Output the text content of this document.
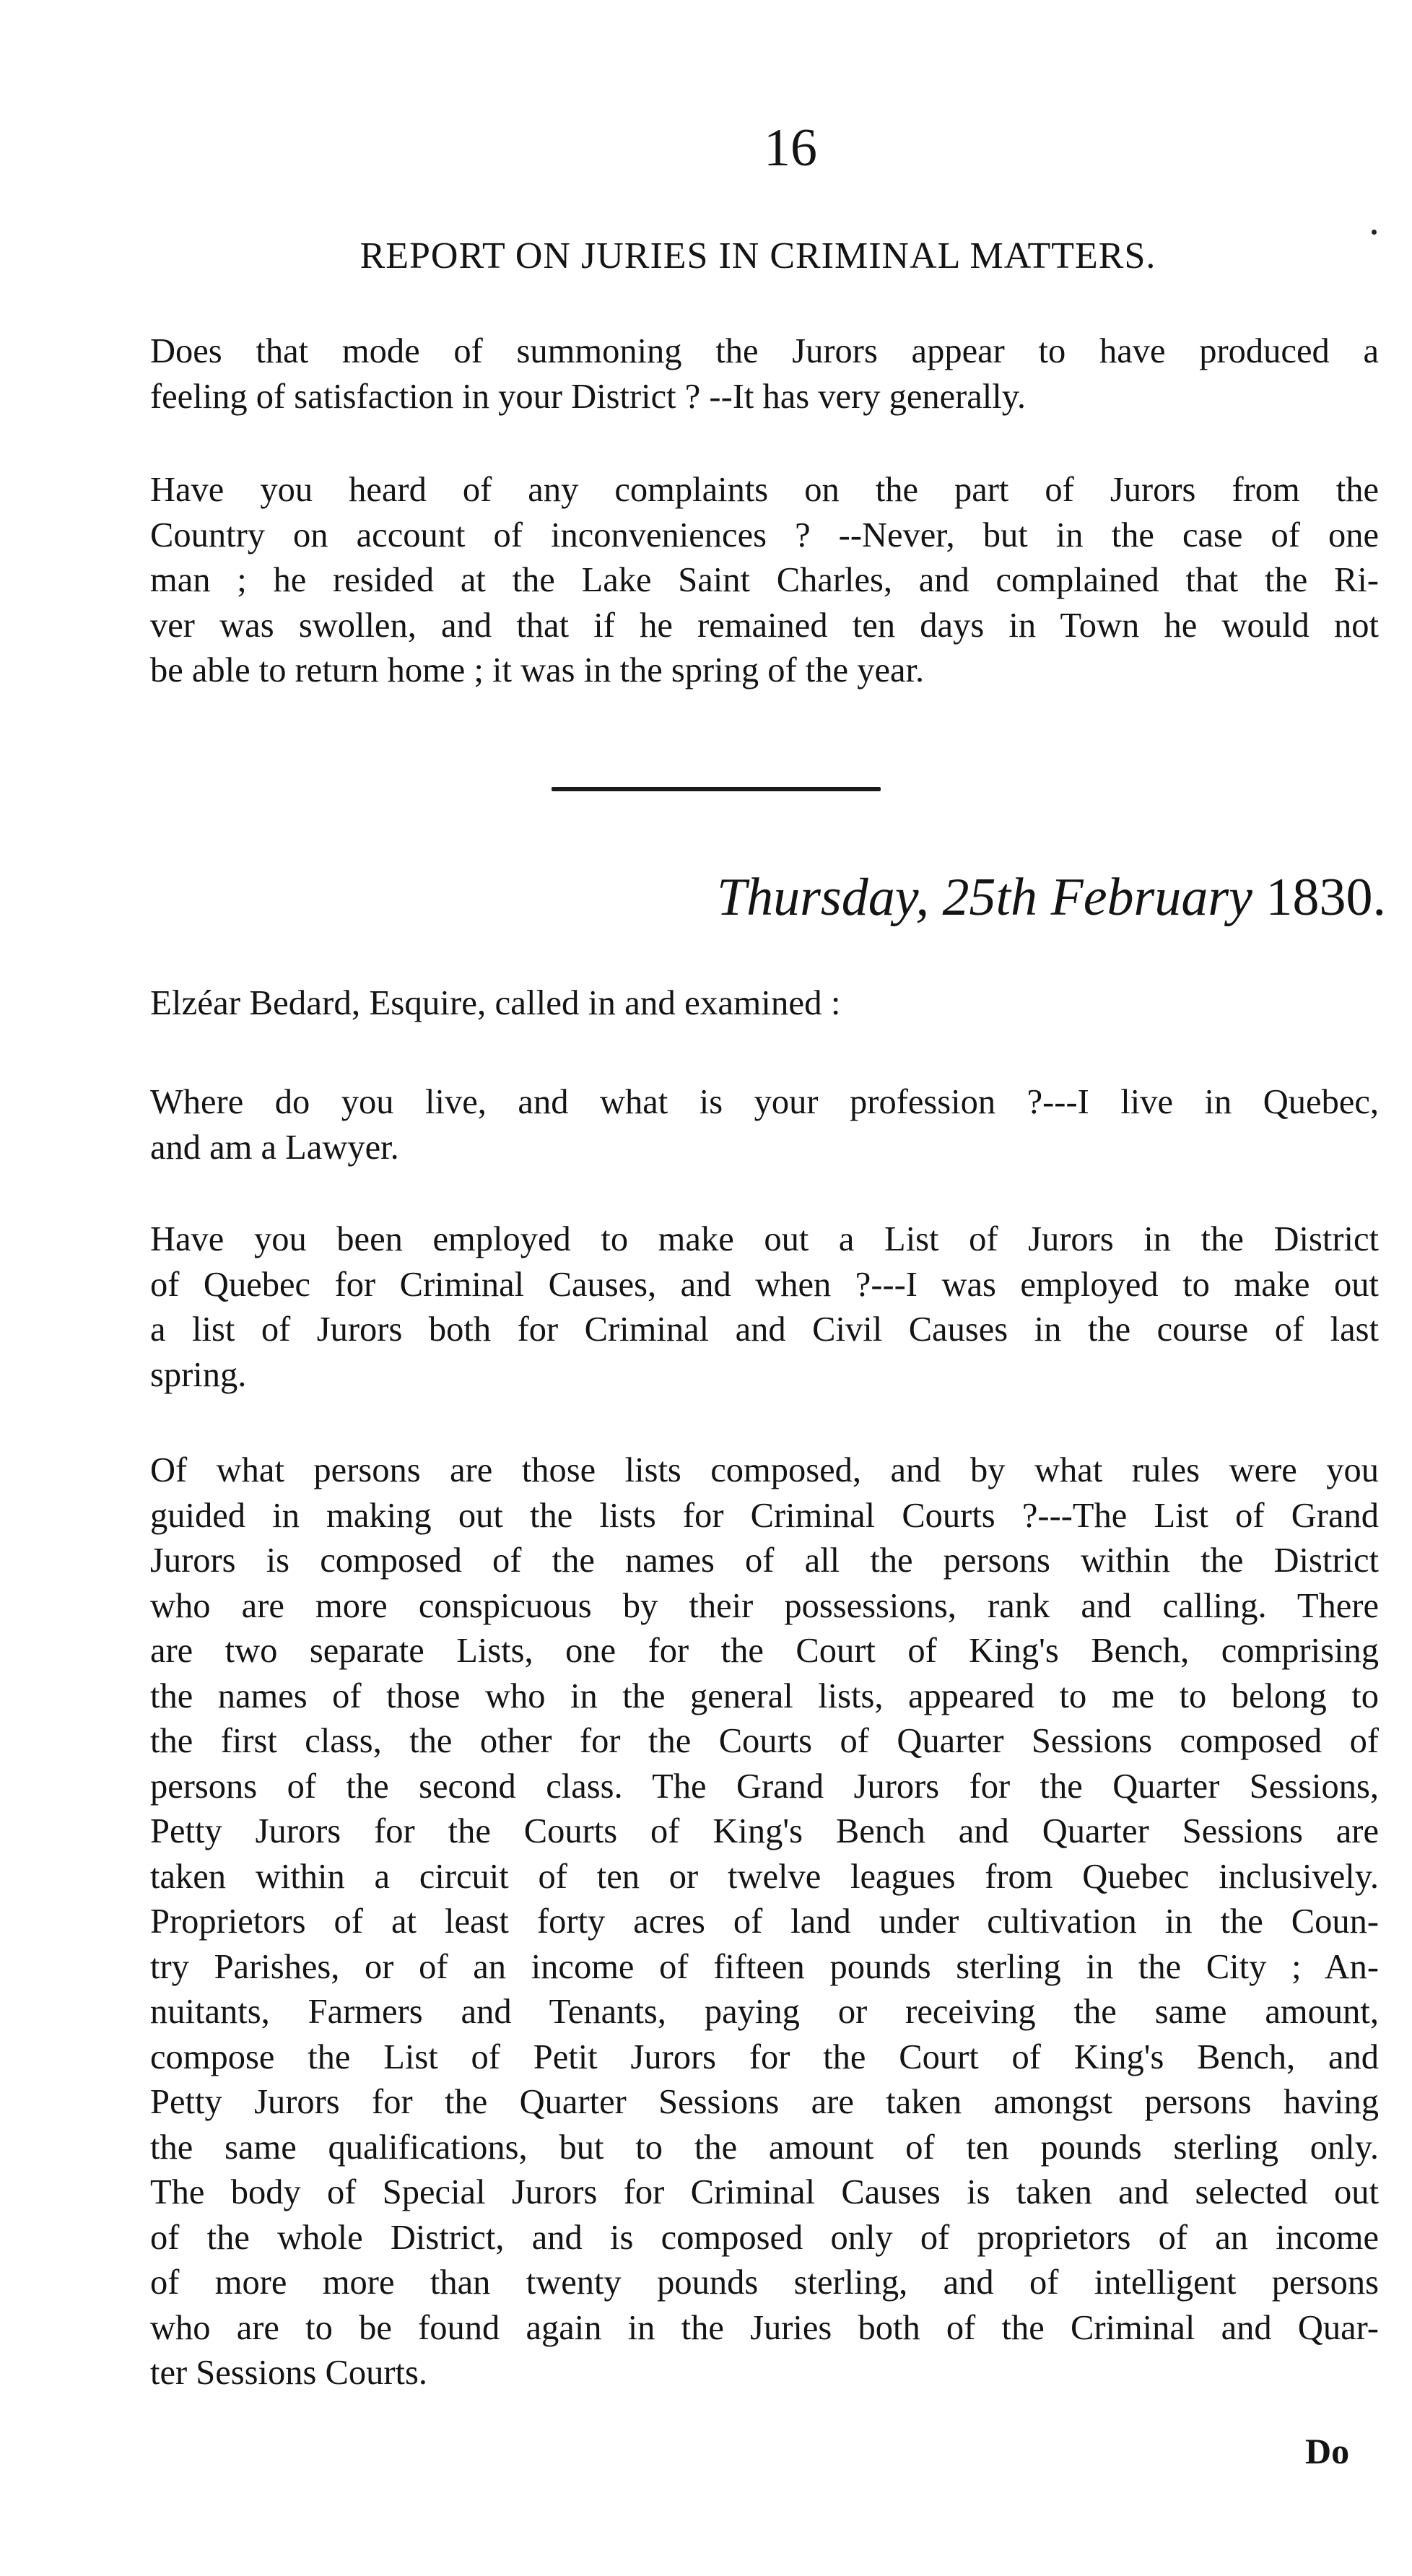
16
REPORT ON JURIES IN CRIMINAL MATTERS.

Does that mode of summoning the Jurors appear to have produced a
feeling of satisfaction in your District ? --It has very generally.

Have you heard of any complaints on the part of Jurors from the
Country on account of inconveniences ? --Never, but in the case of one
man ; he resided at the Lake Saint Charles, and complained that the Ri-
ver was swollen, and that if he remained ten days in Town he would not
be able to return home ; it was in the spring of the year.

Thursday, 25th February 1830.
Elzéar Bedard, Esquire, called in and examined :

Where do you live, and what is your profession ?---I live in Quebec,
and am a Lawyer.

Have you been employed to make out a List of Jurors in the District
of Quebec for Criminal Causes, and when ?---I was employed to make out
a list of Jurors both for Criminal and Civil Causes in the course of last
spring.

Of what persons are those lists composed, and by what rules were you
guided in making out the lists for Criminal Courts ?---The List of Grand
Jurors is composed of the names of all the persons within the District
who are more conspicuous by their possessions, rank and calling. There
are two separate Lists, one for the Court of King's Bench, comprising
the names of those who in the general lists, appeared to me to belong to
the first class, the other for the Courts of Quarter Sessions composed of
persons of the second class. The Grand Jurors for the Quarter Sessions,
Petty Jurors for the Courts of King's Bench and Quarter Sessions are
taken within a circuit of ten or twelve leagues from Quebec inclusively.
Proprietors of at least forty acres of land under cultivation in the Coun-
try Parishes, or of an income of fifteen pounds sterling in the City ; An-
nuitants, Farmers and Tenants, paying or receiving the same amount,
compose the List of Petit Jurors for the Court of King's Bench, and
Petty Jurors for the Quarter Sessions are taken amongst persons having
the same qualifications, but to the amount of ten pounds sterling only.
The body of Special Jurors for Criminal Causes is taken and selected out
of the whole District, and is composed only of proprietors of an income
of more more than twenty pounds sterling, and of intelligent persons
who are to be found again in the Juries both of the Criminal and Quar-
ter Sessions Courts.

Do
